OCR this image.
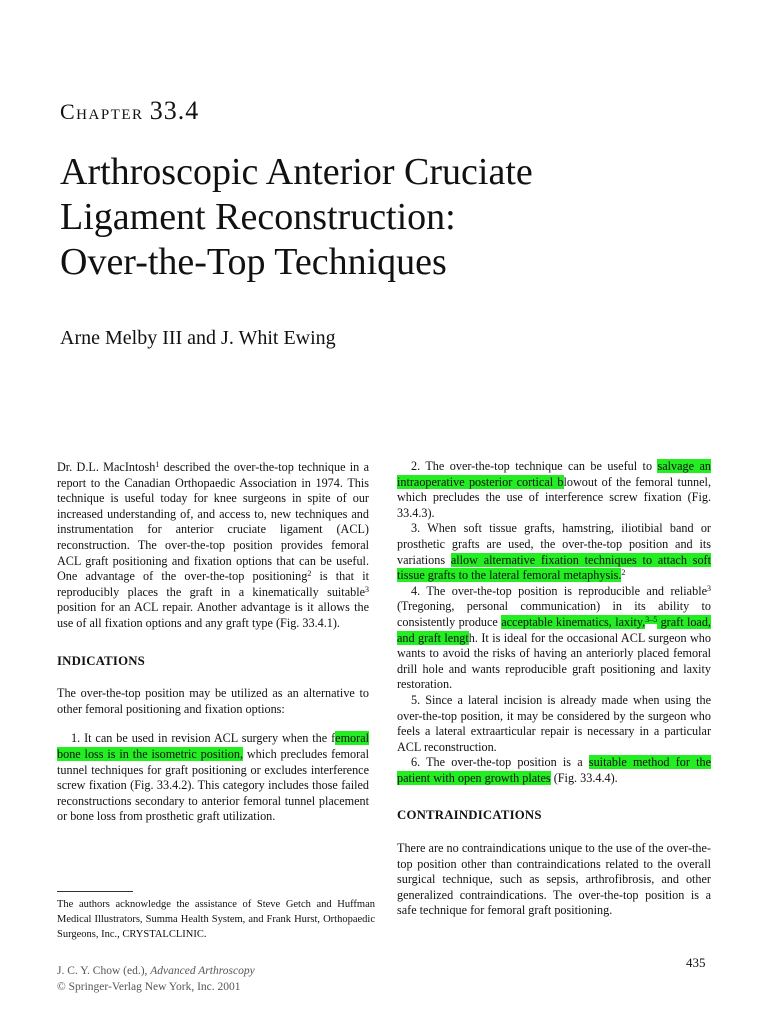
Chapter 33.4
Arthroscopic Anterior Cruciate
Ligament Reconstruction:
Over-the-Top Techniques
Arne Melby III and J. Whit Ewing

Dr. D.L. MacIntosh$^1$ described the over-the-top technique in a report to the Canadian Orthopaedic Association in 1974. This technique is useful today for knee surgeons in spite of our increased understanding of, and access to, new techniques and instrumentation for anterior cruciate ligament (ACL) reconstruction. The over-the-top position provides femoral ACL graft positioning and fixation options that can be useful. One advantage of the over-the-top positioning$^2$ is that it reproducibly places the graft in a kinematically suitable$^3$ position for an ACL repair. Another advantage is it allows the use of all fixation options and any graft type (Fig. 33.4.1).

INDICATIONS

The over-the-top position may be utilized as an alternative to other femoral positioning and fixation options:

1. It can be used in revision ACL surgery when the femoral bone loss is in the isometric position, which precludes femoral tunnel techniques for graft positioning or excludes interference screw fixation (Fig. 33.4.2). This category includes those failed reconstructions secondary to anterior femoral tunnel placement or bone loss from prosthetic graft utilization.

2. The over-the-top technique can be useful to salvage an intraoperative posterior cortical blowout of the femoral tunnel, which precludes the use of interference screw fixation (Fig. 33.4.3).

3. When soft tissue grafts, hamstring, iliotibial band or prosthetic grafts are used, the over-the-top position and its variations allow alternative fixation techniques to attach soft tissue grafts to the lateral femoral metaphysis.$^2$

4. The over-the-top position is reproducible and reliable$^3$ (Tregoning, personal communication) in its ability to consistently produce acceptable kinematics, laxity,$^{3-5}$ graft load, and graft length. It is ideal for the occasional ACL surgeon who wants to avoid the risks of having an anteriorly placed femoral drill hole and wants reproducible graft positioning and laxity restoration.

5. Since a lateral incision is already made when using the over-the-top position, it may be considered by the surgeon who feels a lateral extraarticular repair is necessary in a particular ACL reconstruction.

6. The over-the-top position is a suitable method for the patient with open growth plates (Fig. 33.4.4).

CONTRAINDICATIONS

There are no contraindications unique to the use of the over-the-top position other than contraindications related to the overall surgical technique, such as sepsis, arthrofibrosis, and other generalized contraindications. The over-the-top position is a safe technique for femoral graft positioning.

The authors acknowledge the assistance of Steve Getch and Huffman Medical Illustrators, Summa Health System, and Frank Hurst, Orthopaedic Surgeons, Inc., CRYSTALCLINIC.
J. C. Y. Chow (ed.), Advanced Arthroscopy
© Springer-Verlag New York, Inc. 2001
435
